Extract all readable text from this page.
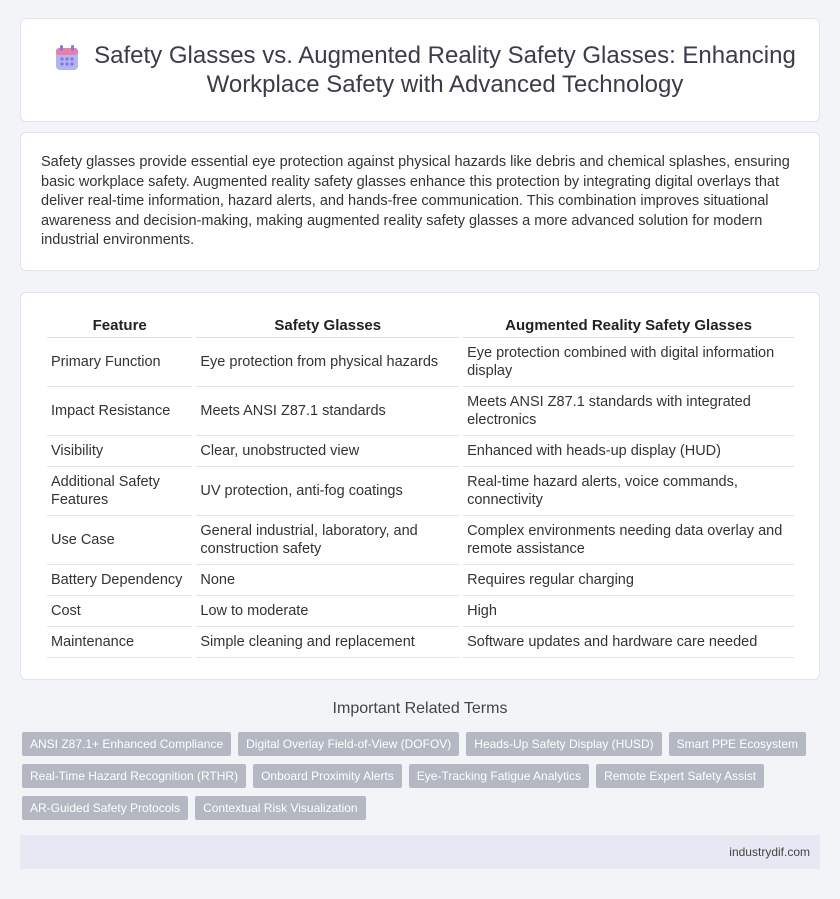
Safety Glasses vs. Augmented Reality Safety Glasses: Enhancing Workplace Safety with Advanced Technology

Safety glasses provide essential eye protection against physical hazards like debris and chemical splashes, ensuring basic workplace safety. Augmented reality safety glasses enhance this protection by integrating digital overlays that deliver real-time information, hazard alerts, and hands-free communication. This combination improves situational awareness and decision-making, making augmented reality safety glasses a more advanced solution for modern industrial environments.

Feature	Safety Glasses	Augmented Reality Safety Glasses
Primary Function	Eye protection from physical hazards	Eye protection combined with digital information display
Impact Resistance	Meets ANSI Z87.1 standards	Meets ANSI Z87.1 standards with integrated electronics
Visibility	Clear, unobstructed view	Enhanced with heads-up display (HUD)
Additional Safety Features	UV protection, anti-fog coatings	Real-time hazard alerts, voice commands, connectivity
Use Case	General industrial, laboratory, and construction safety	Complex environments needing data overlay and remote assistance
Battery Dependency	None	Requires regular charging
Cost	Low to moderate	High
Maintenance	Simple cleaning and replacement	Software updates and hardware care needed
Important Related Terms
ANSI Z87.1+ Enhanced Compliance	Digital Overlay Field-of-View (DOFOV)	Heads-Up Safety Display (HUSD)	Smart PPE Ecosystem
Real-Time Hazard Recognition (RTHR)	Onboard Proximity Alerts	Eye-Tracking Fatigue Analytics	Remote Expert Safety Assist
AR-Guided Safety Protocols	Contextual Risk Visualization
industrydif.com
